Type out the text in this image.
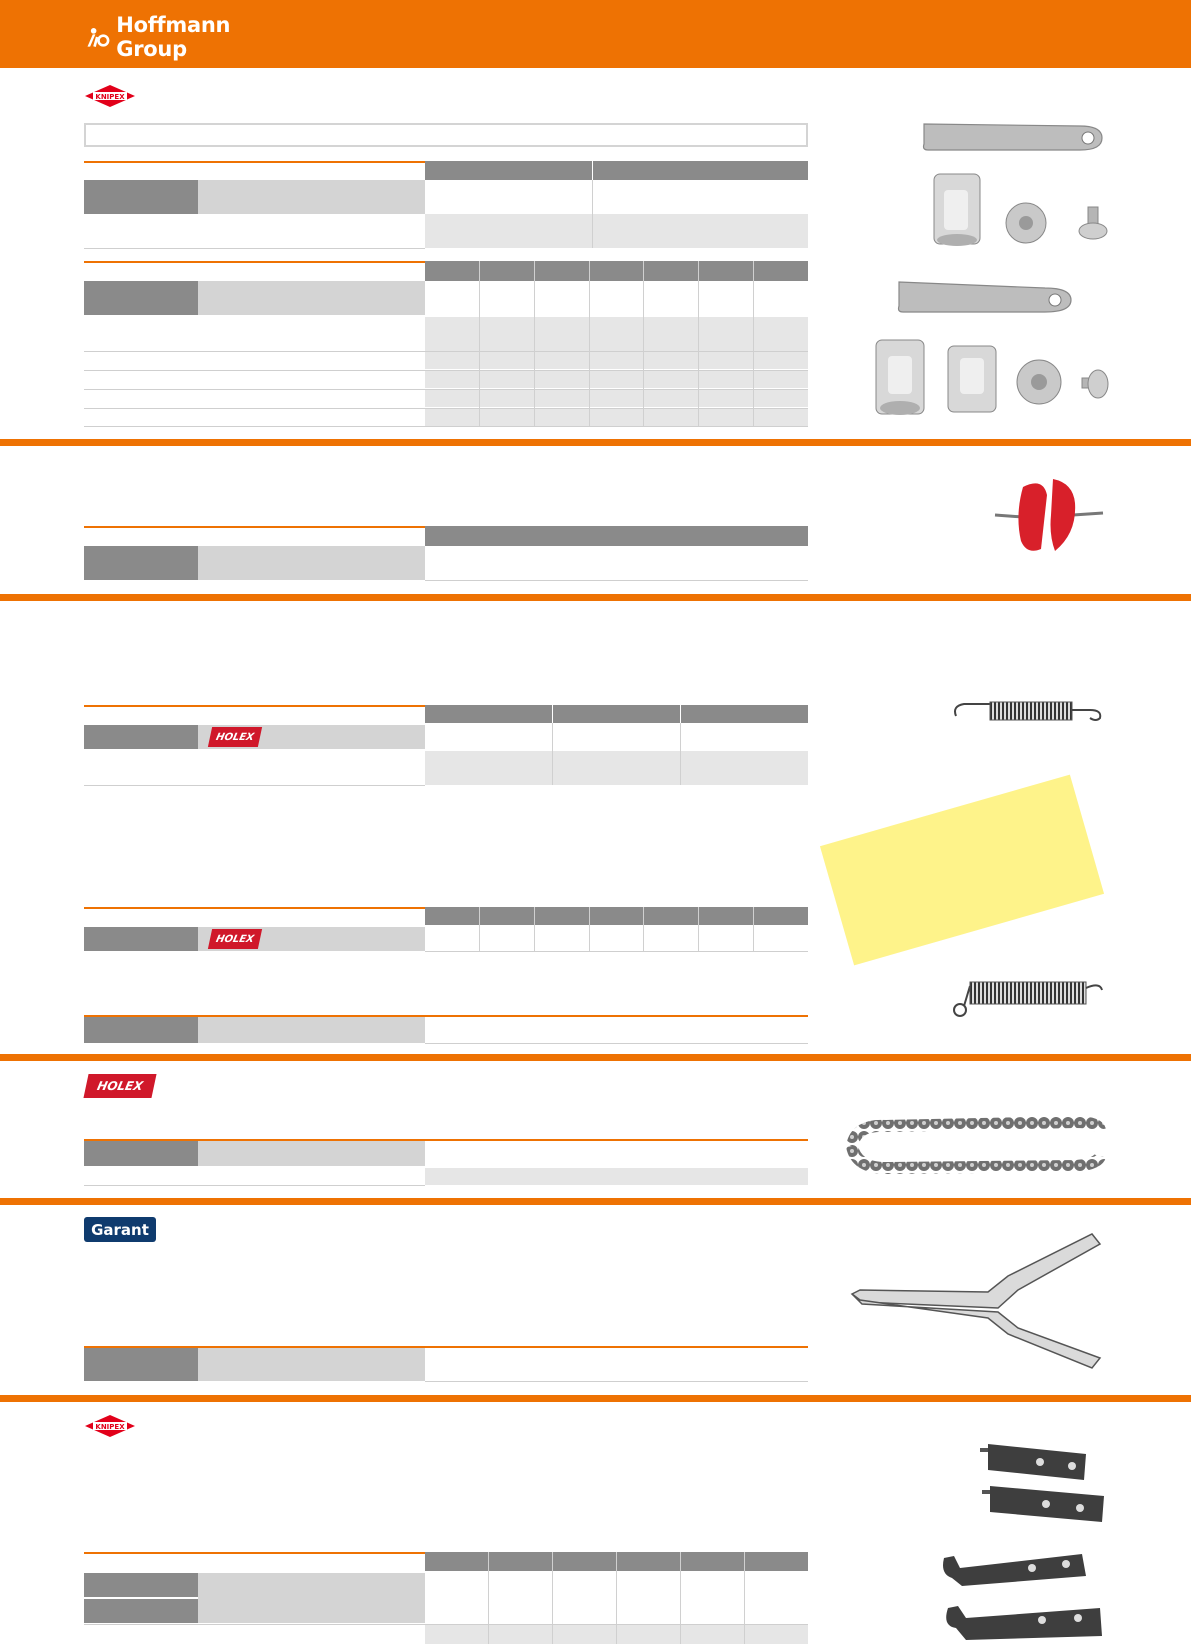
Hoffmann Group
KNIPEX
HOLEX
HOLEX
HOLEX
Garant
KNIPEX
